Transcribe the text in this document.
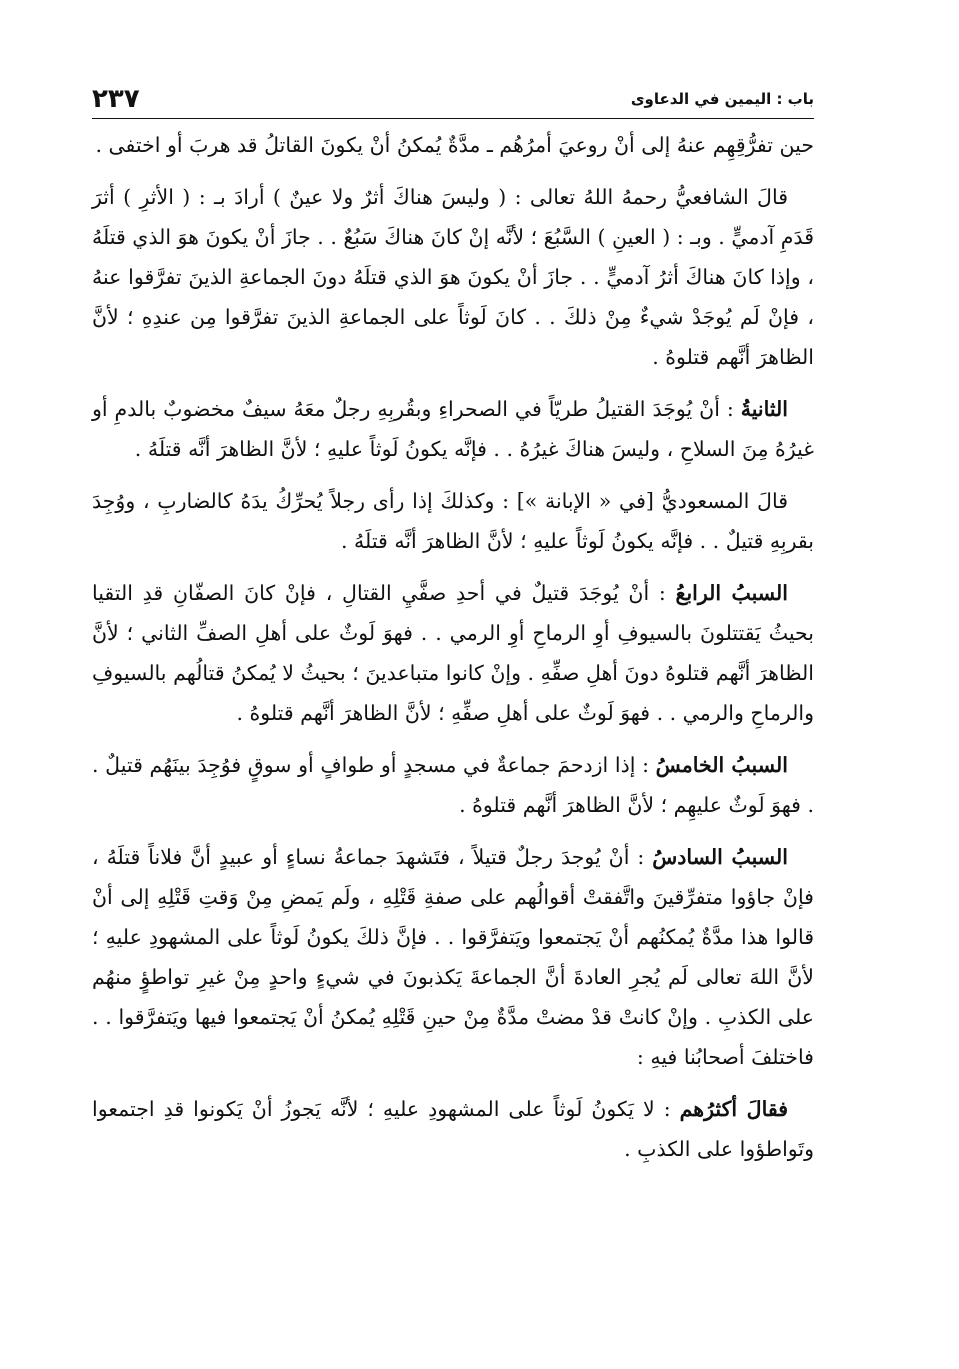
باب : اليمين في الدعاوى
٢٣٧

حين تفرُّقِهِم عنهُ إلى أنْ روعيَ أمرُهُم ـ مدَّةٌ يُمكنُ أنْ يكونَ القاتلُ قد هربَ أو اختفى .

قالَ الشافعيُّ رحمهُ اللهُ تعالى : ( وليسَ هناكَ أثرٌ ولا عينٌ ) أرادَ بـ : ( الأثرِ ) أثرَ قَدَمِ آدميٍّ . وبـ : ( العينِ ) السَّبُعَ ؛ لأنَّه إنْ كانَ هناكَ سَبُعٌ . . جازَ أنْ يكونَ هوَ الذي قتلَهُ ، وإذا كانَ هناكَ أثرُ آدميٍّ . . جازَ أنْ يكونَ هوَ الذي قتلَهُ دونَ الجماعةِ الذينَ تفرَّقوا عنهُ ، فإنْ لَم يُوجَدْ شيءٌ مِنْ ذلكَ . . كانَ لَوثاً على الجماعةِ الذينَ تفرَّقوا مِن عندِهِ ؛ لأنَّ الظاهرَ أنَّهم قتلوهُ .

الثانيةُ : أنْ يُوجَدَ القتيلُ طريّاً في الصحراءِ وبقُربِهِ رجلٌ معَهُ سيفٌ مخضوبٌ بالدمِ أو غيرُهُ مِنَ السلاحِ ، وليسَ هناكَ غيرُهُ . . فإنَّه يكونُ لَوثاً عليهِ ؛ لأنَّ الظاهرَ أنَّه قتلَهُ .

قالَ المسعوديُّ [في « الإبانة »] : وكذلكَ إذا رأى رجلاً يُحرِّكُ يدَهُ كالضاربِ ، ووُجِدَ بقربِهِ قتيلٌ . . فإنَّه يكونُ لَوثاً عليهِ ؛ لأنَّ الظاهرَ أنَّه قتلَهُ .

السببُ الرابعُ : أنْ يُوجَدَ قتيلٌ في أحدِ صفَّيِ القتالِ ، فإنْ كانَ الصفّانِ قدِ التقيا بحيثُ يَقتتلونَ بالسيوفِ أوِ الرماحِ أوِ الرمي . . فهوَ لَوثٌ على أهلِ الصفِّ الثاني ؛ لأنَّ الظاهرَ أنَّهم قتلوهُ دونَ أهلِ صفِّهِ . وإنْ كانوا متباعدينَ ؛ بحيثُ لا يُمكنُ قتالُهم بالسيوفِ والرماحِ والرمي . . فهوَ لَوثٌ على أهلِ صفِّهِ ؛ لأنَّ الظاهرَ أنَّهم قتلوهُ .

السببُ الخامسُ : إذا ازدحمَ جماعةٌ في مسجدٍ أو طوافٍ أو سوقٍ فوُجِدَ بينَهُم قتيلٌ . . فهوَ لَوثٌ عليهِم ؛ لأنَّ الظاهرَ أنَّهم قتلوهُ .

السببُ السادسُ : أنْ يُوجدَ رجلٌ قتيلاً ، فتَشهدَ جماعةُ نساءٍ أو عبيدٍ أنَّ فلاناً قتلَهُ ، فإنْ جاؤوا متفرِّقينَ واتَّفقتْ أقوالُهم على صفةِ قَتْلِهِ ، ولَم يَمضِ مِنْ وَقتِ قَتْلِهِ إلى أنْ قالوا هذا مدَّةٌ يُمكنُهم أنْ يَجتمعوا ويَتفرَّقوا . . فإنَّ ذلكَ يكونُ لَوثاً على المشهودِ عليهِ ؛ لأنَّ اللهَ تعالى لَم يُجرِ العادةَ أنَّ الجماعةَ يَكذبونَ في شيءٍ واحدٍ مِنْ غيرِ تواطؤٍ منهُم على الكذبِ . وإنْ كانتْ قدْ مضتْ مدَّةٌ مِنْ حينِ قَتْلِهِ يُمكنُ أنْ يَجتمعوا فيها ويَتفرَّقوا . . فاختلفَ أصحابُنا فيهِ :

فقالَ أكثرُهم : لا يَكونُ لَوثاً على المشهودِ عليهِ ؛ لأنَّه يَجوزُ أنْ يَكونوا قدِ اجتمعوا وتَواطؤوا على الكذبِ .
